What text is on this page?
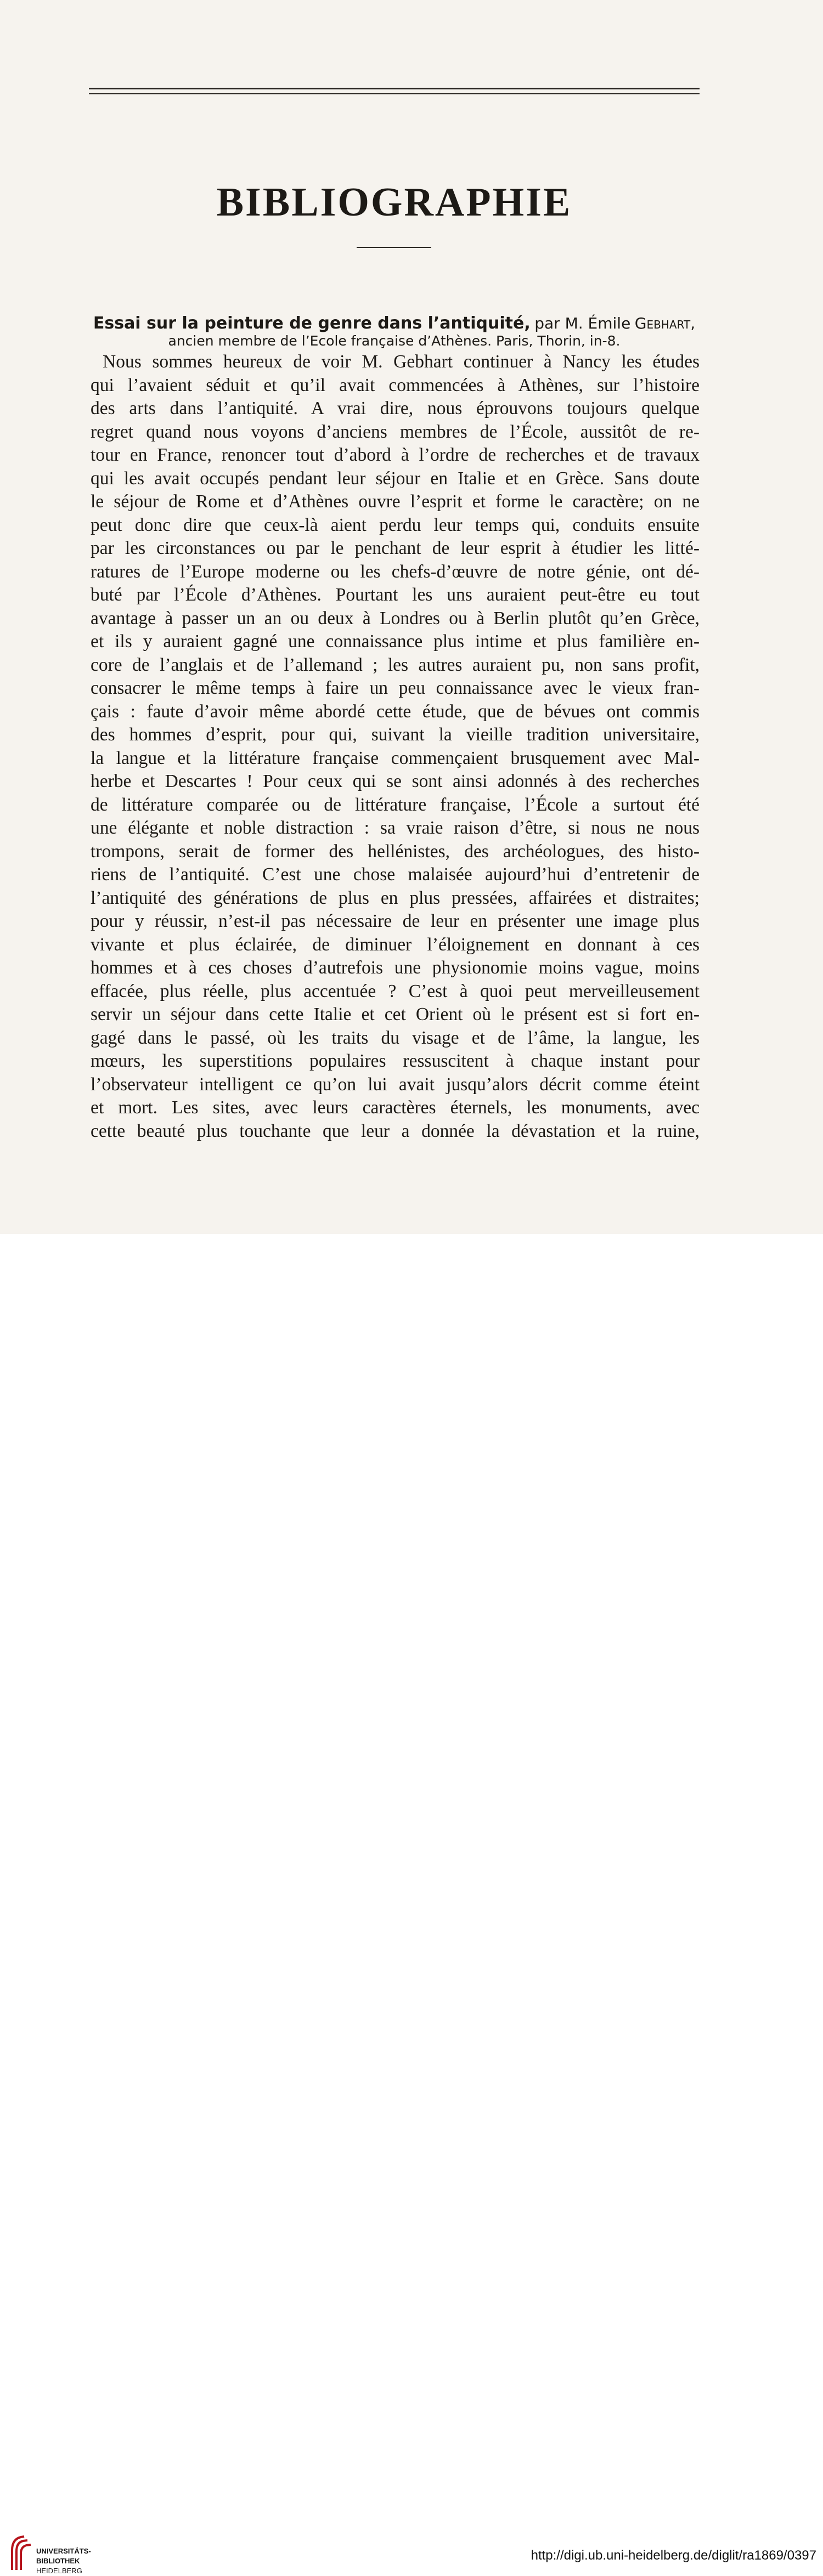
BIBLIOGRAPHIE
Essai sur la peinture de genre dans l’antiquité, par M. Émile Gebhart,
ancien membre de l’Ecole française d’Athènes. Paris, Thorin, in-8.
Nous sommes heureux de voir M. Gebhart continuer à Nancy les études
qui l’avaient séduit et qu’il avait commencées à Athènes, sur l’histoire
des arts dans l’antiquité. A vrai dire, nous éprouvons toujours quelque
regret quand nous voyons d’anciens membres de l’École, aussitôt de re-
tour en France, renoncer tout d’abord à l’ordre de recherches et de travaux
qui les avait occupés pendant leur séjour en Italie et en Grèce. Sans doute
le séjour de Rome et d’Athènes ouvre l’esprit et forme le caractère; on ne
peut donc dire que ceux-là aient perdu leur temps qui, conduits ensuite
par les circonstances ou par le penchant de leur esprit à étudier les litté-
ratures de l’Europe moderne ou les chefs-d’œuvre de notre génie, ont dé-
buté par l’École d’Athènes. Pourtant les uns auraient peut-être eu tout
avantage à passer un an ou deux à Londres ou à Berlin plutôt qu’en Grèce,
et ils y auraient gagné une connaissance plus intime et plus familière en-
core de l’anglais et de l’allemand ; les autres auraient pu, non sans profit,
consacrer le même temps à faire un peu connaissance avec le vieux fran-
çais : faute d’avoir même abordé cette étude, que de bévues ont commis
des hommes d’esprit, pour qui, suivant la vieille tradition universitaire,
la langue et la littérature française commençaient brusquement avec Mal-
herbe et Descartes ! Pour ceux qui se sont ainsi adonnés à des recherches
de littérature comparée ou de littérature française, l’École a surtout été
une élégante et noble distraction : sa vraie raison d’être, si nous ne nous
trompons, serait de former des hellénistes, des archéologues, des histo-
riens de l’antiquité. C’est une chose malaisée aujourd’hui d’entretenir de
l’antiquité des générations de plus en plus pressées, affairées et distraites;
pour y réussir, n’est-il pas nécessaire de leur en présenter une image plus
vivante et plus éclairée, de diminuer l’éloignement en donnant à ces
hommes et à ces choses d’autrefois une physionomie moins vague, moins
effacée, plus réelle, plus accentuée ? C’est à quoi peut merveilleusement
servir un séjour dans cette Italie et cet Orient où le présent est si fort en-
gagé dans le passé, où les traits du visage et de l’âme, la langue, les
mœurs, les superstitions populaires ressuscitent à chaque instant pour
l’observateur intelligent ce qu’on lui avait jusqu’alors décrit comme éteint
et mort. Les sites, avec leurs caractères éternels, les monuments, avec
cette beauté plus touchante que leur a donnée la dévastation et la ruine,
UNIVERSITÄTS-
BIBLIOTHEK
HEIDELBERG
http://digi.ub.uni-heidelberg.de/diglit/ra1869/0397
